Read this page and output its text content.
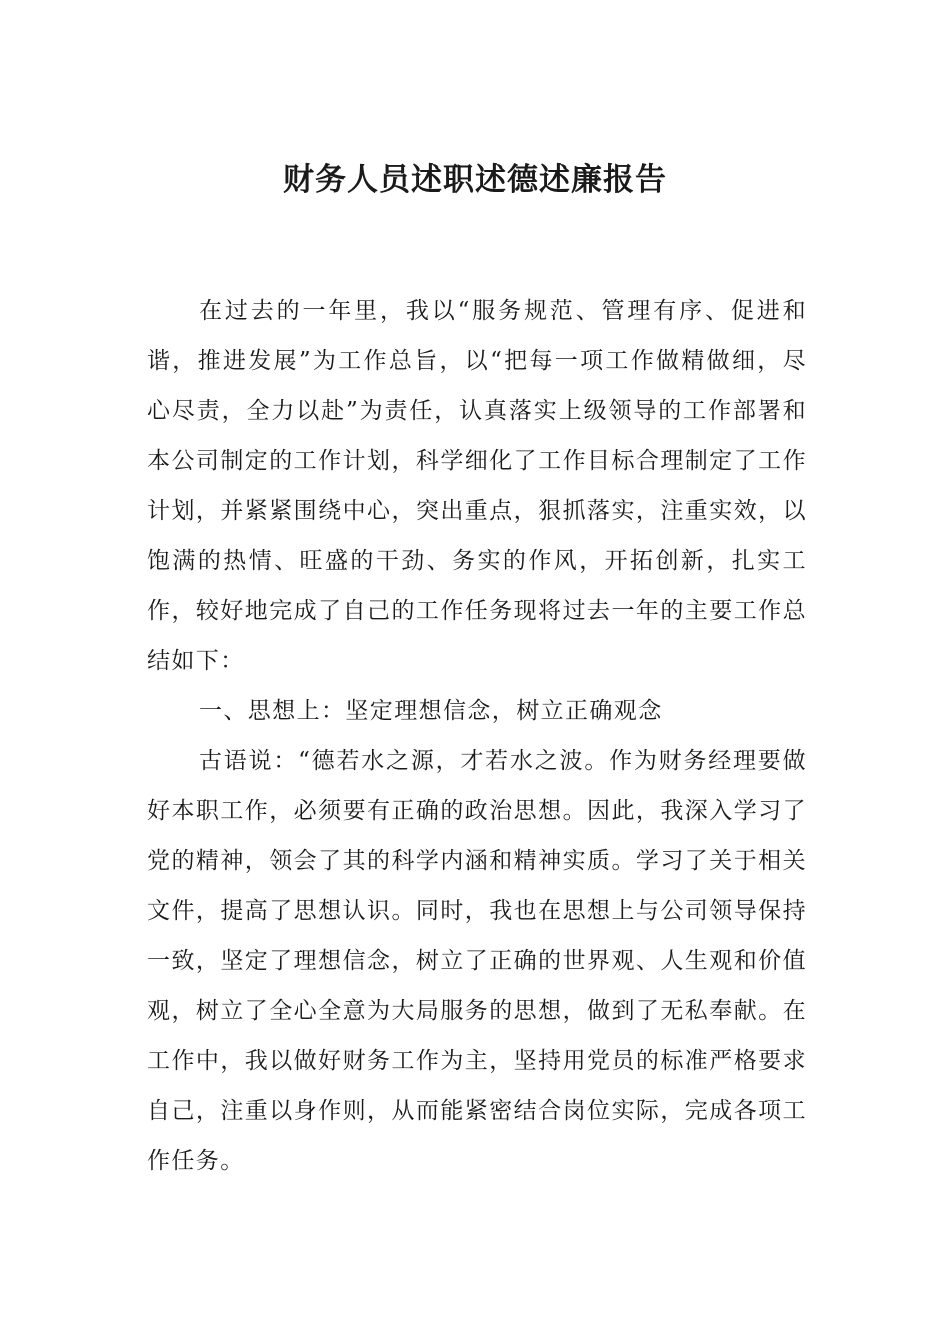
财务人员述职述德述廉报告

在过去的一年里，我以“服务规范、管理有序、促进和谐，推进发展”为工作总旨，以“把每一项工作做精做细，尽心尽责，全力以赴”为责任，认真落实上级领导的工作部署和本公司制定的工作计划，科学细化了工作目标合理制定了工作计划，并紧紧围绕中心，突出重点，狠抓落实，注重实效，以饱满的热情、旺盛的干劲、务实的作风，开拓创新，扎实工作，较好地完成了自己的工作任务现将过去一年的主要工作总结如下：

一、思想上：坚定理想信念，树立正确观念

古语说：“德若水之源，才若水之波。作为财务经理要做好本职工作，必须要有正确的政治思想。因此，我深入学习了党的精神，领会了其的科学内涵和精神实质。学习了关于相关文件，提高了思想认识。同时，我也在思想上与公司领导保持一致，坚定了理想信念，树立了正确的世界观、人生观和价值观，树立了全心全意为大局服务的思想，做到了无私奉献。在工作中，我以做好财务工作为主，坚持用党员的标准严格要求自己，注重以身作则，从而能紧密结合岗位实际，完成各项工作任务。
